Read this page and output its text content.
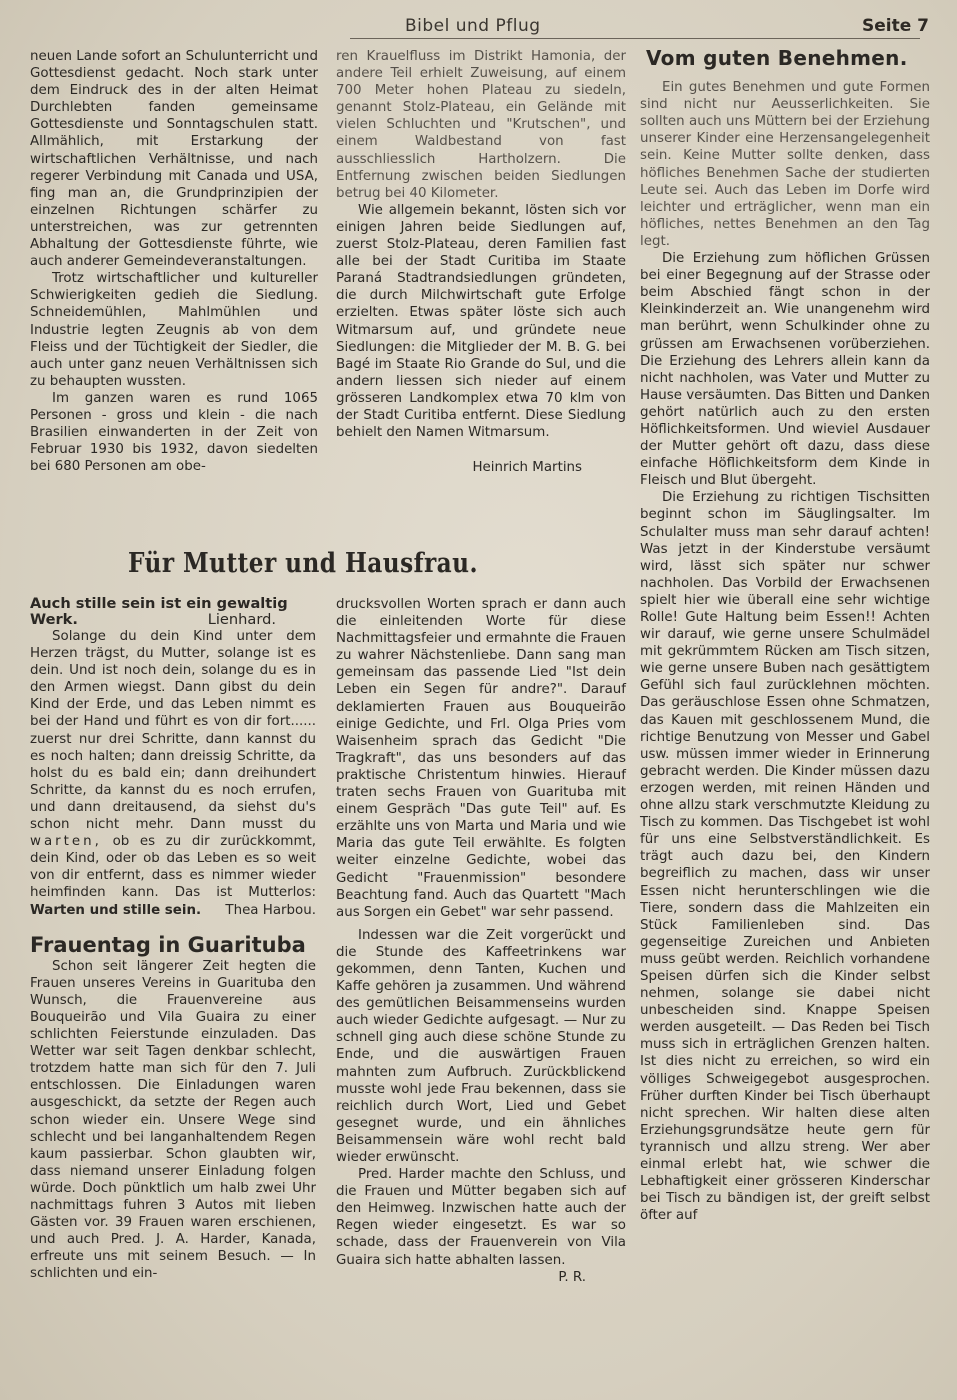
Bibel und Pflug	Seite 7

neuen Lande sofort an Schulunterricht und Gottesdienst gedacht. Noch stark unter dem Eindruck des in der alten Heimat Durchlebten fanden gemeinsame Gottesdienste und Sonntagschulen statt. Allmählich, mit Erstarkung der wirtschaftlichen Verhältnisse, und nach regerer Verbindung mit Canada und USA, fing man an, die Grundprinzipien der einzelnen Richtungen schärfer zu unterstreichen, was zur getrennten Abhaltung der Gottesdienste führte, wie auch anderer Gemeindeveranstaltungen.

Trotz wirtschaftlicher und kultureller Schwierigkeiten gedieh die Siedlung. Schneidemühlen, Mahlmühlen und Industrie legten Zeugnis ab von dem Fleiss und der Tüchtigkeit der Siedler, die auch unter ganz neuen Verhältnissen sich zu behaupten wussten.

Im ganzen waren es rund 1065 Personen - gross und klein - die nach Brasilien einwanderten in der Zeit von Februar 1930 bis 1932, davon siedelten bei 680 Personen am obe-

ren Krauelfluss im Distrikt Hamonia, der andere Teil erhielt Zuweisung, auf einem 700 Meter hohen Plateau zu siedeln, genannt Stolz-Plateau, ein Gelände mit vielen Schluchten und "Krutschen", und einem Waldbestand von fast ausschliesslich Hartholzern. Die Entfernung zwischen beiden Siedlungen betrug bei 40 Kilometer.

Wie allgemein bekannt, lösten sich vor einigen Jahren beide Siedlungen auf, zuerst Stolz-Plateau, deren Familien fast alle bei der Stadt Curitiba im Staate Paraná Stadtrandsiedlungen gründeten, die durch Milchwirtschaft gute Erfolge erzielten. Etwas später löste sich auch Witmarsum auf, und gründete neue Siedlungen: die Mitglieder der M. B. G. bei Bagé im Staate Rio Grande do Sul, und die andern liessen sich nieder auf einem grösseren Landkomplex etwa 70 klm von der Stadt Curitiba entfernt. Diese Siedlung behielt den Namen Witmarsum.

Heinrich Martins
Vom guten Benehmen.

Ein gutes Benehmen und gute Formen sind nicht nur Aeusserlichkeiten. Sie sollten auch uns Müttern bei der Erziehung unserer Kinder eine Herzensangelegenheit sein. Keine Mutter sollte denken, dass höfliches Benehmen Sache der studierten Leute sei. Auch das Leben im Dorfe wird leichter und erträglicher, wenn man ein höfliches, nettes Benehmen an den Tag legt.

Die Erziehung zum höflichen Grüssen bei einer Begegnung auf der Strasse oder beim Abschied fängt schon in der Kleinkinderzeit an. Wie unangenehm wird man berührt, wenn Schulkinder ohne zu grüssen am Erwachsenen vorüberziehen. Die Erziehung des Lehrers allein kann da nicht nachholen, was Vater und Mutter zu Hause versäumten. Das Bitten und Danken gehört natürlich auch zu den ersten Höflichkeitsformen. Und wieviel Ausdauer der Mutter gehört oft dazu, dass diese einfache Höflichkeitsform dem Kinde in Fleisch und Blut übergeht.

Die Erziehung zu richtigen Tischsitten beginnt schon im Säuglingsalter. Im Schulalter muss man sehr darauf achten! Was jetzt in der Kinderstube versäumt wird, lässt sich später nur schwer nachholen. Das Vorbild der Erwachsenen spielt hier wie überall eine sehr wichtige Rolle! Gute Haltung beim Essen!! Achten wir darauf, wie gerne unsere Schulmädel mit gekrümmtem Rücken am Tisch sitzen, wie gerne unsere Buben nach gesättigtem Gefühl sich faul zurücklehnen möchten. Das geräuschlose Essen ohne Schmatzen, das Kauen mit geschlossenem Mund, die richtige Benutzung von Messer und Gabel usw. müssen immer wieder in Erinnerung gebracht werden. Die Kinder müssen dazu erzogen werden, mit reinen Händen und ohne allzu stark verschmutzte Kleidung zu Tisch zu kommen. Das Tischgebet ist wohl für uns eine Selbstverständlichkeit. Es trägt auch dazu bei, den Kindern begreiflich zu machen, dass wir unser Essen nicht herunterschlingen wie die Tiere, sondern dass die Mahlzeiten ein Stück Familienleben sind. Das gegenseitige Zureichen und Anbieten muss geübt werden. Reichlich vorhandene Speisen dürfen sich die Kinder selbst nehmen, solange sie dabei nicht unbescheiden sind. Knappe Speisen werden ausgeteilt. — Das Reden bei Tisch muss sich in erträglichen Grenzen halten. Ist dies nicht zu erreichen, so wird ein völliges Schweigegebot ausgesprochen. Früher durften Kinder bei Tisch überhaupt nicht sprechen. Wir halten diese alten Erziehungsgrundsätze heute gern für tyrannisch und allzu streng. Wer aber einmal erlebt hat, wie schwer die Lebhaftigkeit einer grösseren Kinderschar bei Tisch zu bändigen ist, der greift selbst öfter auf

Für Mutter und Hausfrau.
Auch stille sein ist ein gewaltig
Werk.	Lienhard.

Solange du dein Kind unter dem Herzen trägst, du Mutter, solange ist es dein. Und ist noch dein, solange du es in den Armen wiegst. Dann gibst du dein Kind der Erde, und das Leben nimmt es bei der Hand und führt es von dir fort...... zuerst nur drei Schritte, dann kannst du es noch halten; dann dreissig Schritte, da holst du es bald ein; dann dreihundert Schritte, da kannst du es noch errufen, und dann dreitausend, da siehst du's schon nicht mehr. Dann musst du warten, ob es zu dir zurückkommt, dein Kind, oder ob das Leben es so weit von dir entfernt, dass es nimmer wieder heimfinden kann. Das ist Mutterlos: Warten und stille sein.	Thea Harbou.

Frauentag in Guarituba

Schon seit längerer Zeit hegten die Frauen unseres Vereins in Guarituba den Wunsch, die Frauenvereine aus Bouqueirão und Vila Guaira zu einer schlichten Feierstunde einzuladen. Das Wetter war seit Tagen denkbar schlecht, trotzdem hatte man sich für den 7. Juli entschlossen. Die Einladungen waren ausgeschickt, da setzte der Regen auch schon wieder ein. Unsere Wege sind schlecht und bei langanhaltendem Regen kaum passierbar. Schon glaubten wir, dass niemand unserer Einladung folgen würde. Doch pünktlich um halb zwei Uhr nachmittags fuhren 3 Autos mit lieben Gästen vor. 39 Frauen waren erschienen, und auch Pred. J. A. Harder, Kanada, erfreute uns mit seinem Besuch. — In schlichten und ein-

drucksvollen Worten sprach er dann auch die einleitenden Worte für diese Nachmittagsfeier und ermahnte die Frauen zu wahrer Nächstenliebe. Dann sang man gemeinsam das passende Lied "Ist dein Leben ein Segen für andre?". Darauf deklamierten Frauen aus Bouqueirão einige Gedichte, und Frl. Olga Pries vom Waisenheim sprach das Gedicht "Die Tragkraft", das uns besonders auf das praktische Christentum hinwies. Hierauf traten sechs Frauen von Guarituba mit einem Gespräch "Das gute Teil" auf. Es erzählte uns von Marta und Maria und wie Maria das gute Teil erwählte. Es folgten weiter einzelne Gedichte, wobei das Gedicht "Frauenmission" besondere Beachtung fand. Auch das Quartett "Mach aus Sorgen ein Gebet" war sehr passend.

Indessen war die Zeit vorgerückt und die Stunde des Kaffeetrinkens war gekommen, denn Tanten, Kuchen und Kaffe gehören ja zusammen. Und während des gemütlichen Beisammenseins wurden auch wieder Gedichte aufgesagt. — Nur zu schnell ging auch diese schöne Stunde zu Ende, und die auswärtigen Frauen mahnten zum Aufbruch. Zurückblickend musste wohl jede Frau bekennen, dass sie reichlich durch Wort, Lied und Gebet gesegnet wurde, und ein ähnliches Beisammensein wäre wohl recht bald wieder erwünscht.

Pred. Harder machte den Schluss, und die Frauen und Mütter begaben sich auf den Heimweg. Inzwischen hatte auch der Regen wieder eingesetzt. Es war so schade, dass der Frauenverein von Vila Guaira sich hatte abhalten lassen.

P. R.
